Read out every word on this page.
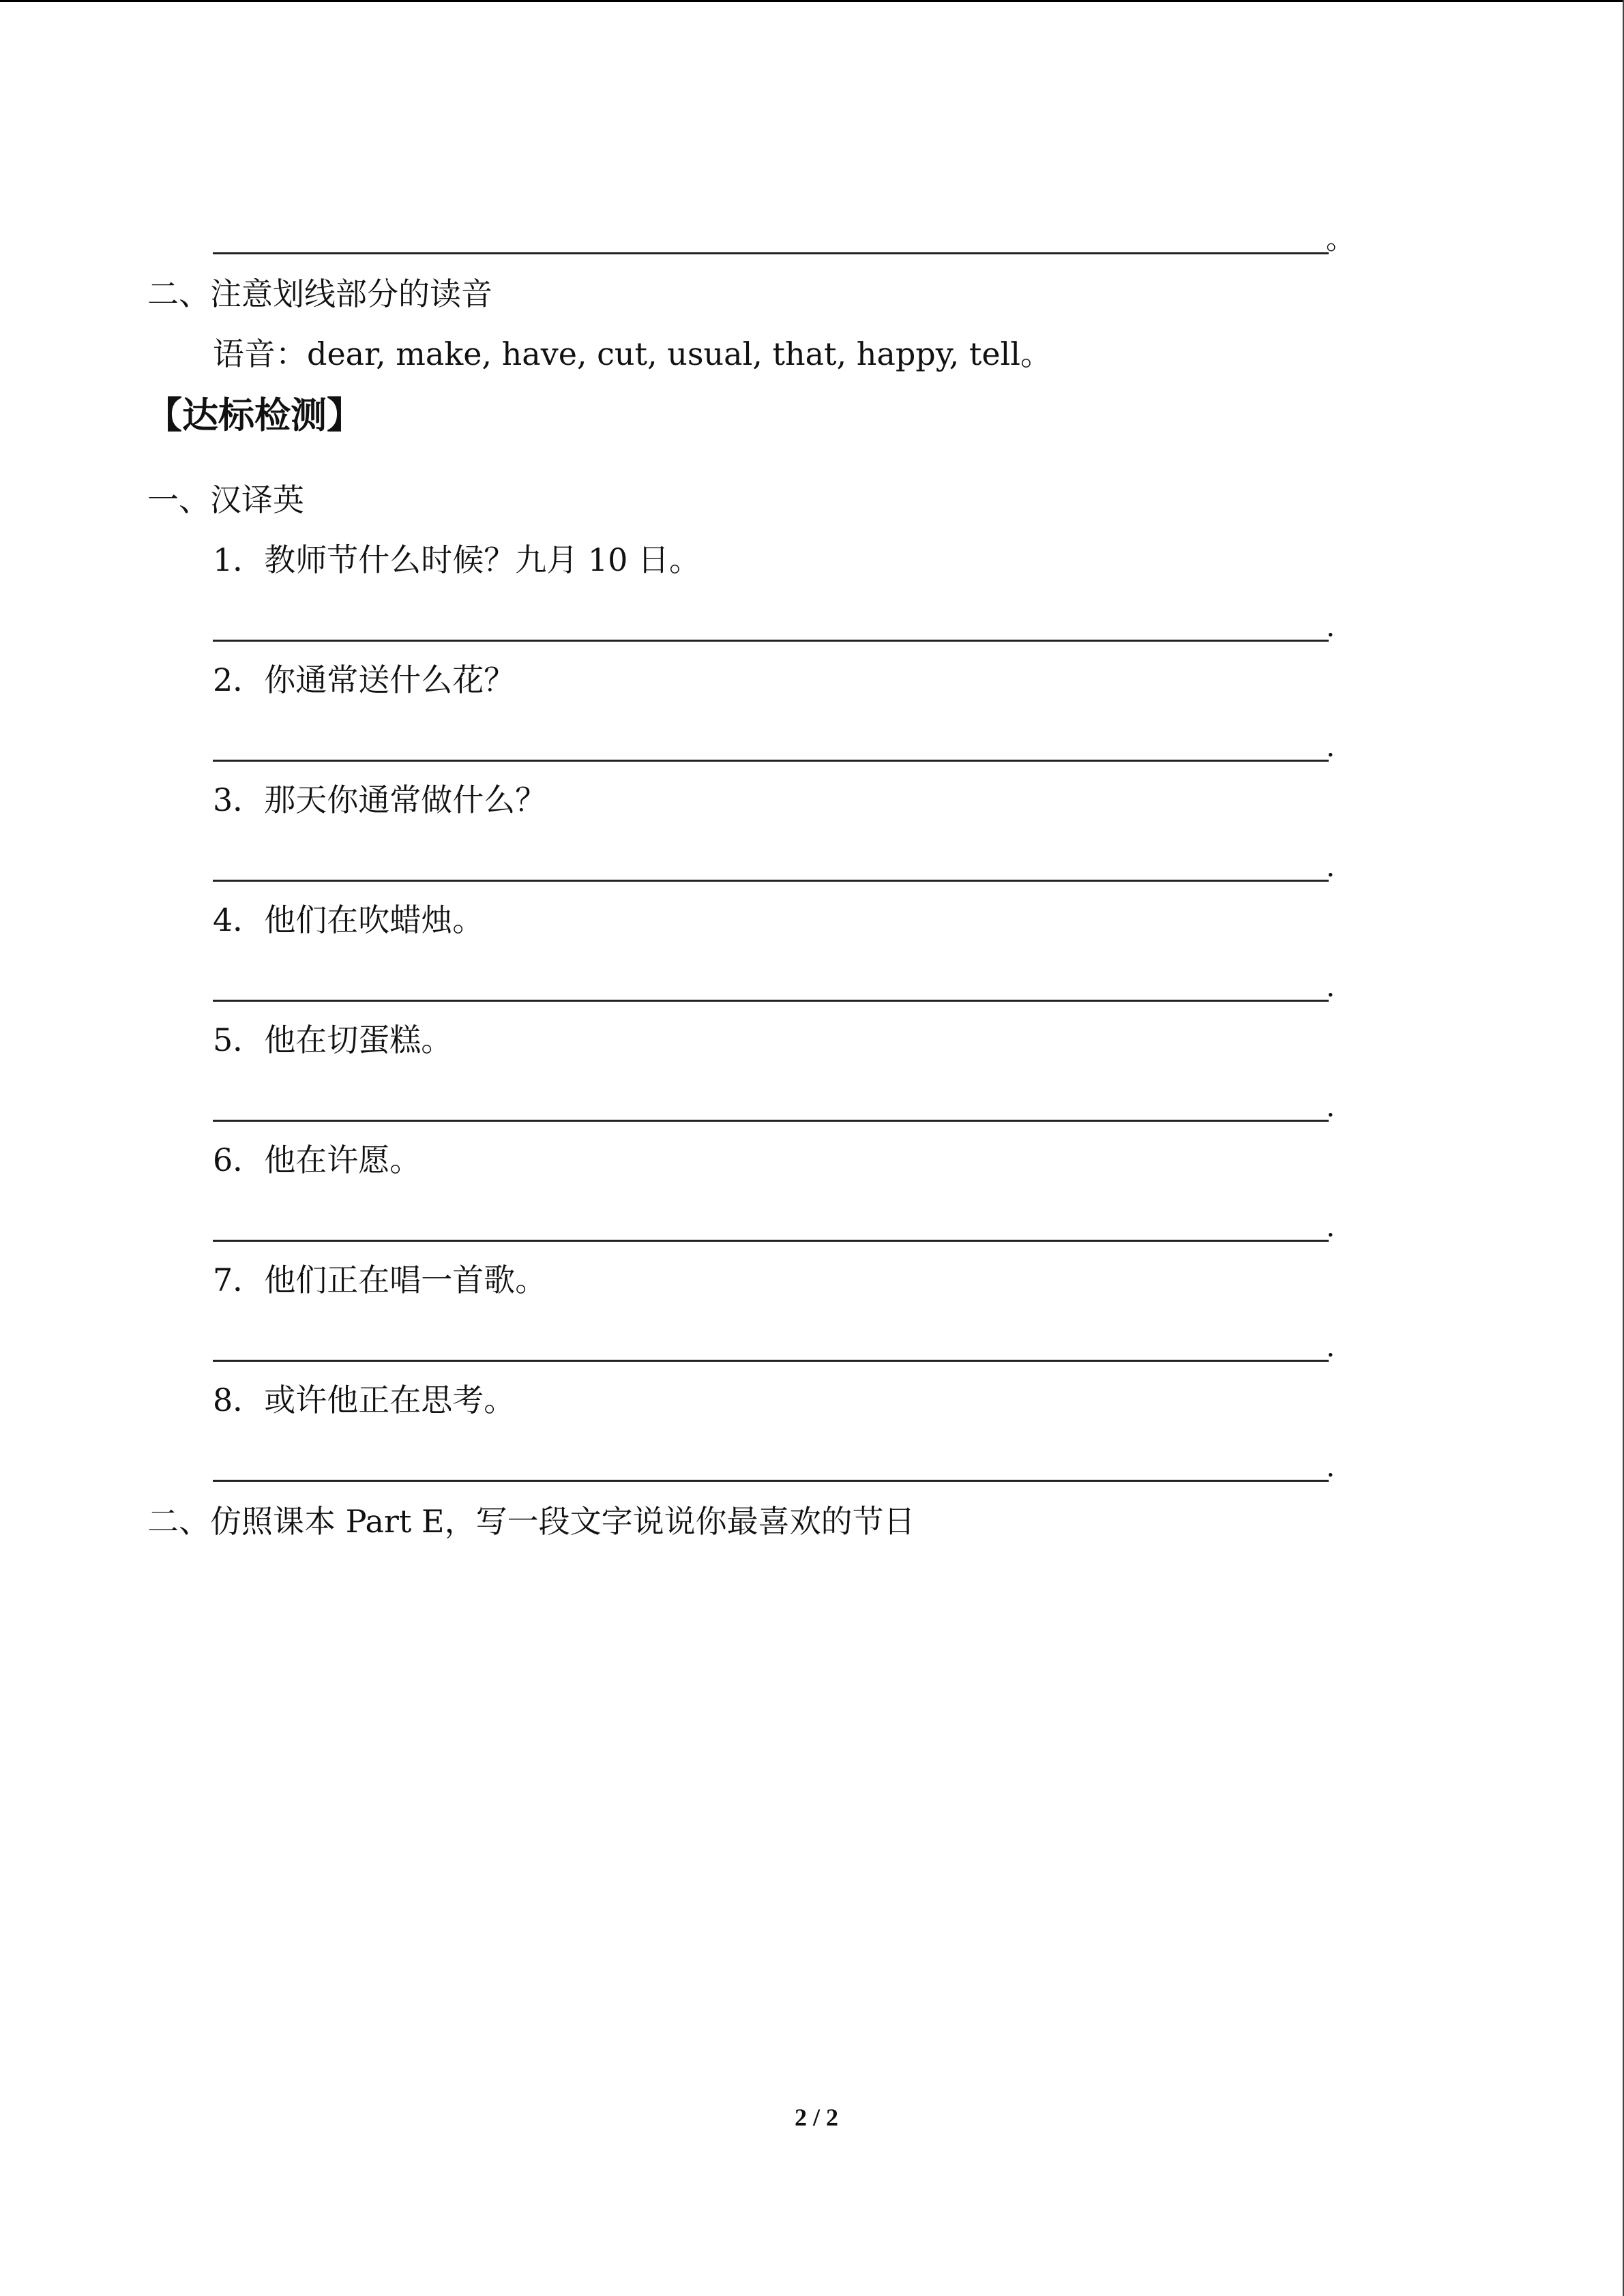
。
二、注意划线部分的读音
语音：dear, make, have, cut, usual, that, happy, tell。
【达标检测】
一、汉译英
1．教师节什么时候？九月 10 日。
.
2．你通常送什么花？
.
3．那天你通常做什么？
.
4．他们在吹蜡烛。
.
5．他在切蛋糕。
.
6．他在许愿。
.
7．他们正在唱一首歌。
.
8．或许他正在思考。
.
二、仿照课本 Part E，写一段文字说说你最喜欢的节日
2 / 2
